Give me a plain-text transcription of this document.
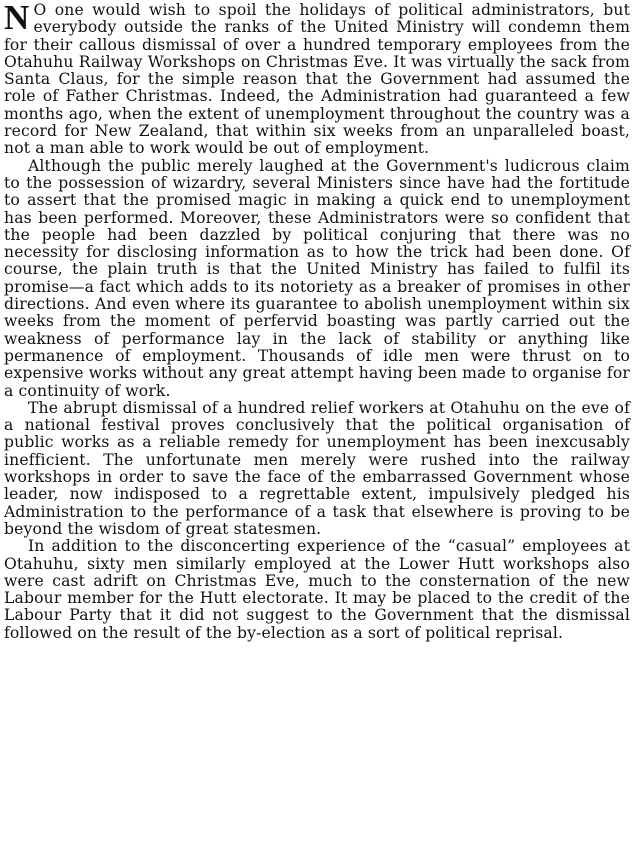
N O one would wish to spoil the holidays of political administrators, but everybody outside the ranks of the United Ministry will condemn them for their callous dismissal of over a hundred temporary employees from the Otahuhu Railway Workshops on Christmas Eve. It was virtually the sack from Santa Claus, for the simple reason that the Government had assumed the role of Father Christmas. Indeed, the Administration had guaranteed a few months ago, when the extent of unemployment throughout the country was a record for New Zealand, that within six weeks from an unparalleled boast, not a man able to work would be out of employment.

Although the public merely laughed at the Government's ludicrous claim to the possession of wizardry, several Ministers since have had the fortitude to assert that the promised magic in making a quick end to unemployment has been performed. Moreover, these Administrators were so confident that the people had been dazzled by political conjuring that there was no necessity for disclosing information as to how the trick had been done. Of course, the plain truth is that the United Ministry has failed to fulfil its promise—a fact which adds to its notoriety as a breaker of promises in other directions. And even where its guarantee to abolish unemployment within six weeks from the moment of perfervid boasting was partly carried out the weakness of performance lay in the lack of stability or anything like permanence of employment. Thousands of idle men were thrust on to expensive works without any great attempt having been made to organise for a continuity of work.

The abrupt dismissal of a hundred relief workers at Otahuhu on the eve of a national festival proves conclusively that the political organisation of public works as a reliable remedy for unemployment has been inexcusably inefficient. The unfortunate men merely were rushed into the railway workshops in order to save the face of the embarrassed Government whose leader, now indisposed to a regrettable extent, impulsively pledged his Administration to the performance of a task that elsewhere is proving to be beyond the wisdom of great statesmen.

In addition to the disconcerting experience of the “casual” employees at Otahuhu, sixty men similarly employed at the Lower Hutt workshops also were cast adrift on Christmas Eve, much to the consternation of the new Labour member for the Hutt electorate. It may be placed to the credit of the Labour Party that it did not suggest to the Government that the dismissal followed on the result of the by-election as a sort of political reprisal.
